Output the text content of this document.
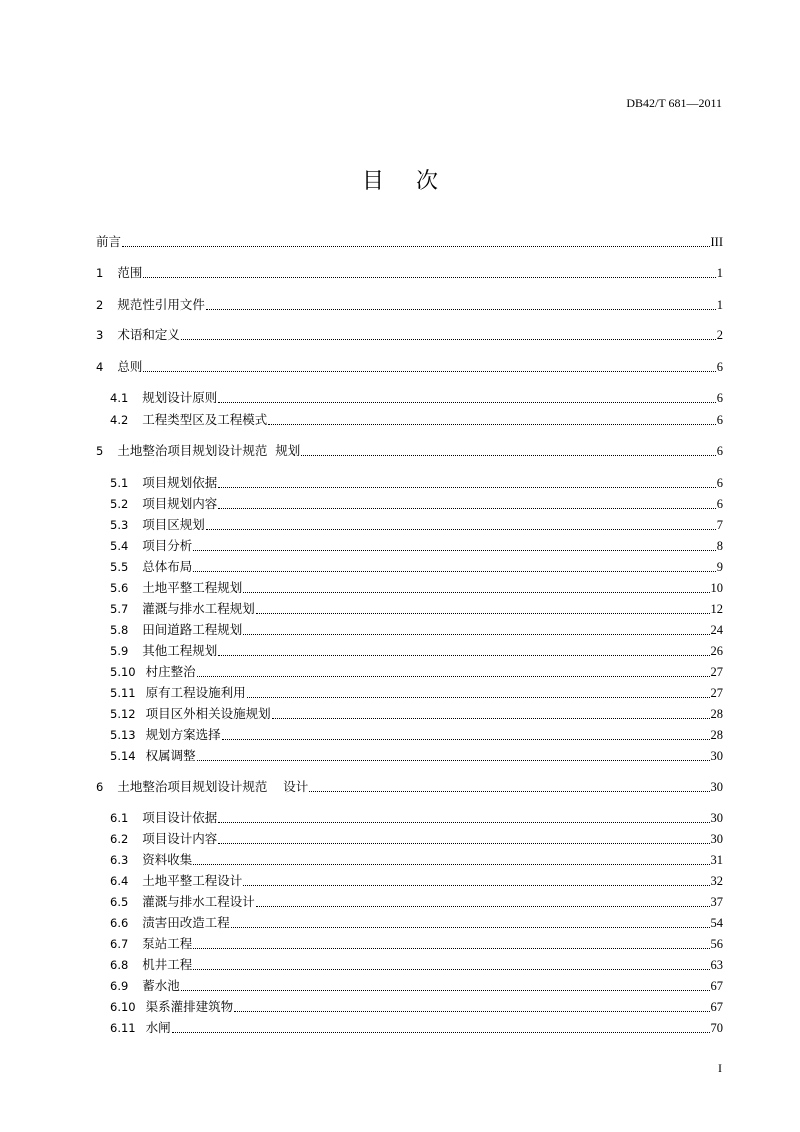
DB42/T 681—2011
目 次
前言	III
1 范围	1
2 规范性引用文件	1
3 术语和定义	2
4 总则	6
4.1 规划设计原则	6
4.2 工程类型区及工程模式	6
5 土地整治项目规划设计规范  规划	6
5.1 项目规划依据	6
5.2 项目规划内容	6
5.3 项目区规划	7
5.4 项目分析	8
5.5 总体布局	9
5.6 土地平整工程规划	10
5.7 灌溉与排水工程规划	12
5.8 田间道路工程规划	24
5.9 其他工程规划	26
5.10 村庄整治	27
5.11 原有工程设施利用	27
5.12 项目区外相关设施规划	28
5.13 规划方案选择	28
5.14 权属调整	30
6 土地整治项目规划设计规范    设计	30
6.1 项目设计依据	30
6.2 项目设计内容	30
6.3 资料收集	31
6.4 土地平整工程设计	32
6.5 灌溉与排水工程设计	37
6.6 渍害田改造工程	54
6.7 泵站工程	56
6.8 机井工程	63
6.9 蓄水池	67
6.10 渠系灌排建筑物	67
6.11 水闸	70
I
